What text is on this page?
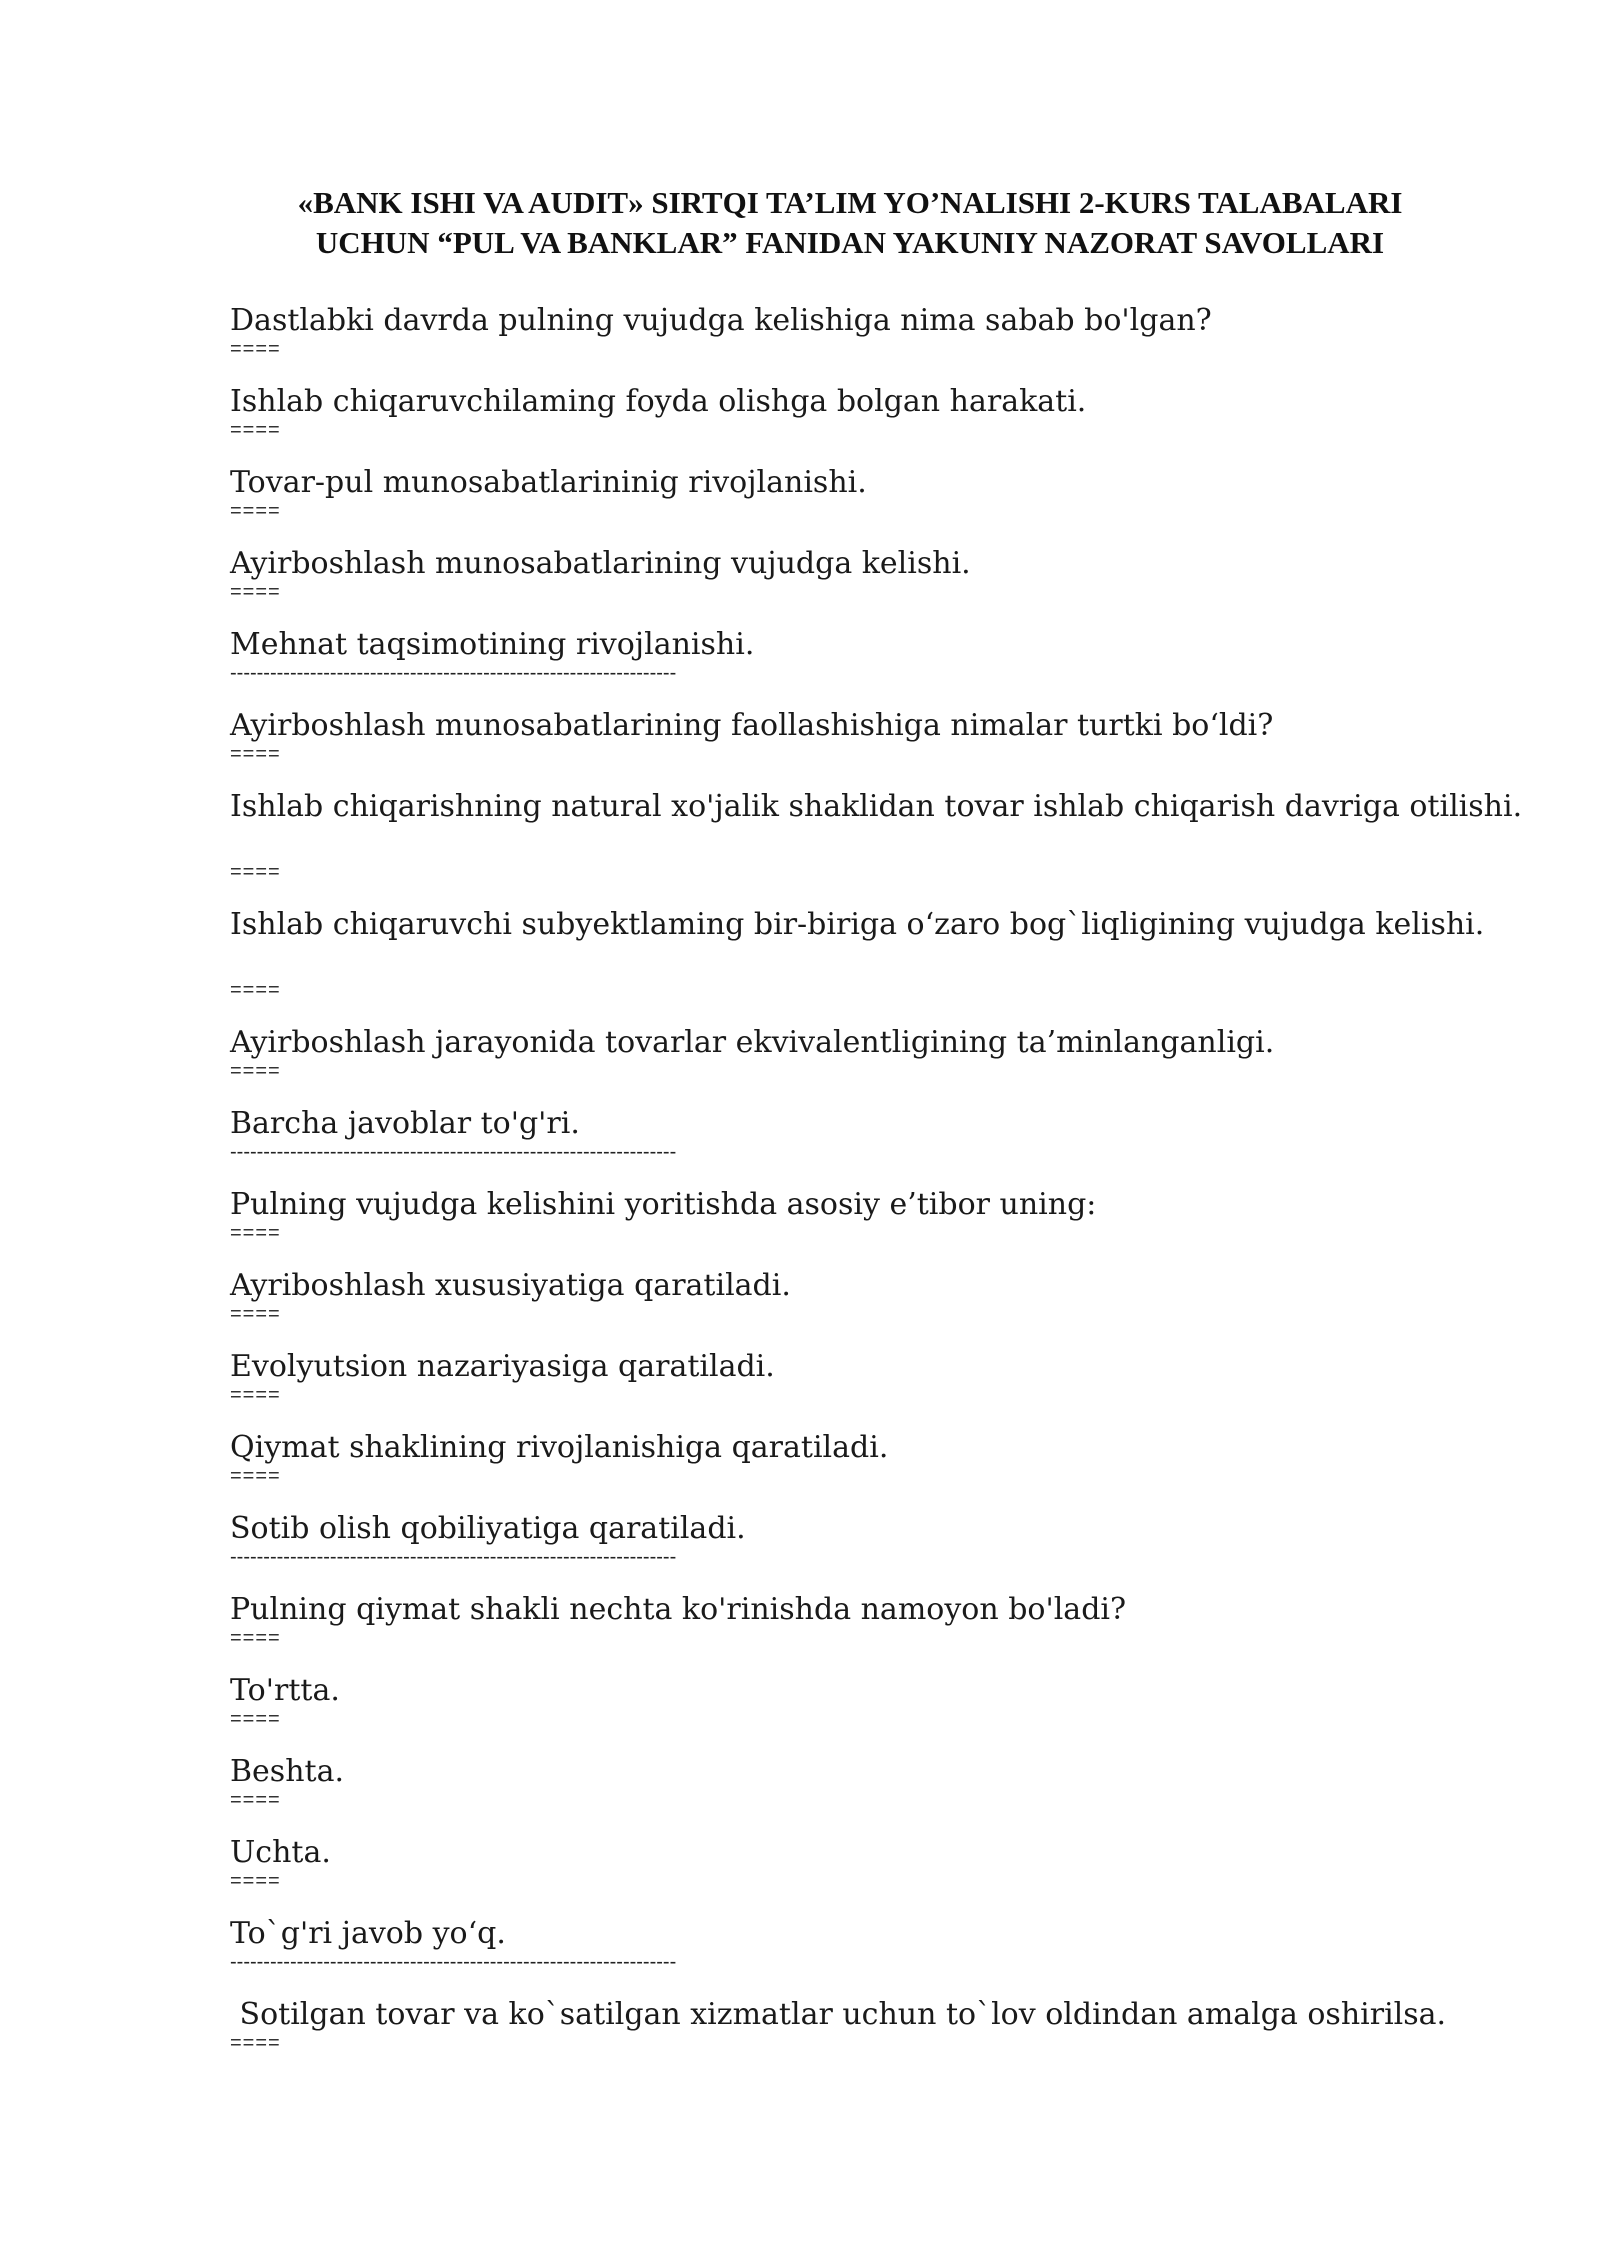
«BANK ISHI VA AUDIT» SIRTQI TA’LIM YO’NALISHI 2-KURS TALABALARI
UCHUN “PUL VA BANKLAR” FANIDAN YAKUNIY NAZORAT SAVOLLARI
Dastlabki davrda pulning vujudga kelishiga nima sabab bo'lgan?
====
Ishlab chiqaruvchilaming foyda olishga bolgan harakati.
====
Tovar-pul munosabatlarininig rivojlanishi.
====
Ayirboshlash munosabatlarining vujudga kelishi.
====
Mehnat taqsimotining rivojlanishi.
-------------------------------------------------------------------
Ayirboshlash munosabatlarining faollashishiga nimalar turtki bo‘ldi?
====
Ishlab chiqarishning natural xo'jalik shaklidan tovar ishlab chiqarish davriga otilishi.
====
Ishlab chiqaruvchi subyektlaming bir-biriga o‘zaro bog`liqligining vujudga kelishi.
====
Ayirboshlash jarayonida tovarlar ekvivalentligining ta’minlanganligi.
====
Barcha javoblar to'g'ri.
-------------------------------------------------------------------
Pulning vujudga kelishini yoritishda asosiy e’tibor uning:
====
Ayriboshlash xususiyatiga qaratiladi.
====
Evolyutsion nazariyasiga qaratiladi.
====
Qiymat shaklining rivojlanishiga qaratiladi.
====
Sotib olish qobiliyatiga qaratiladi.
-------------------------------------------------------------------
Pulning qiymat shakli nechta ko'rinishda namoyon bo'ladi?
====
To'rtta.
====
Beshta.
====
Uchta.
====
To`g'ri javob yo‘q.
-------------------------------------------------------------------
Sotilgan tovar va ko`satilgan xizmatlar uchun to`lov oldindan amalga oshirilsa.
====
